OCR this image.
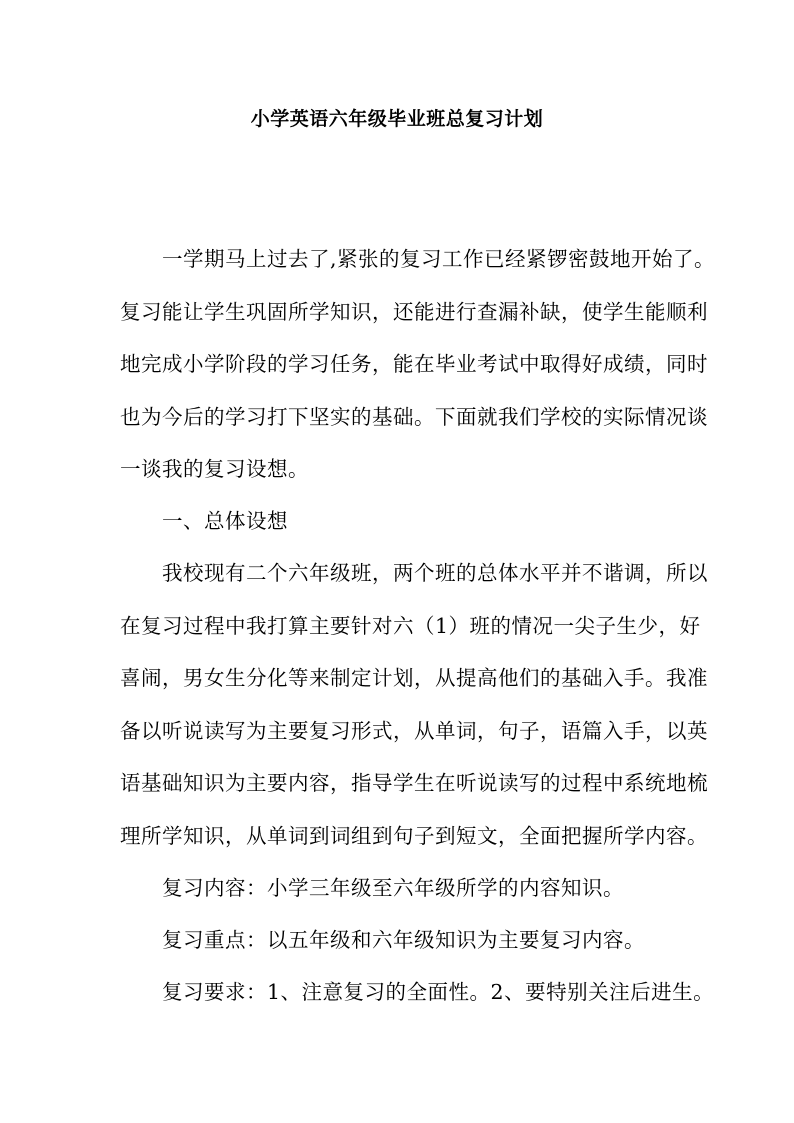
小学英语六年级毕业班总复习计划

一学期马上过去了,紧张的复习工作已经紧锣密鼓地开始了。
复习能让学生巩固所学知识，还能进行查漏补缺，使学生能顺利
地完成小学阶段的学习任务，能在毕业考试中取得好成绩，同时
也为今后的学习打下坚实的基础。下面就我们学校的实际情况谈
一谈我的复习设想。

一、总体设想

我校现有二个六年级班，两个班的总体水平并不谐调，所以
在复习过程中我打算主要针对六（1）班的情况一尖子生少，好
喜闹，男女生分化等来制定计划，从提高他们的基础入手。我准
备以听说读写为主要复习形式，从单词，句子，语篇入手，以英
语基础知识为主要内容，指导学生在听说读写的过程中系统地梳
理所学知识，从单词到词组到句子到短文，全面把握所学内容。

复习内容：小学三年级至六年级所学的内容知识。

复习重点：以五年级和六年级知识为主要复习内容。

复习要求：1、注意复习的全面性。2、要特别关注后进生。
